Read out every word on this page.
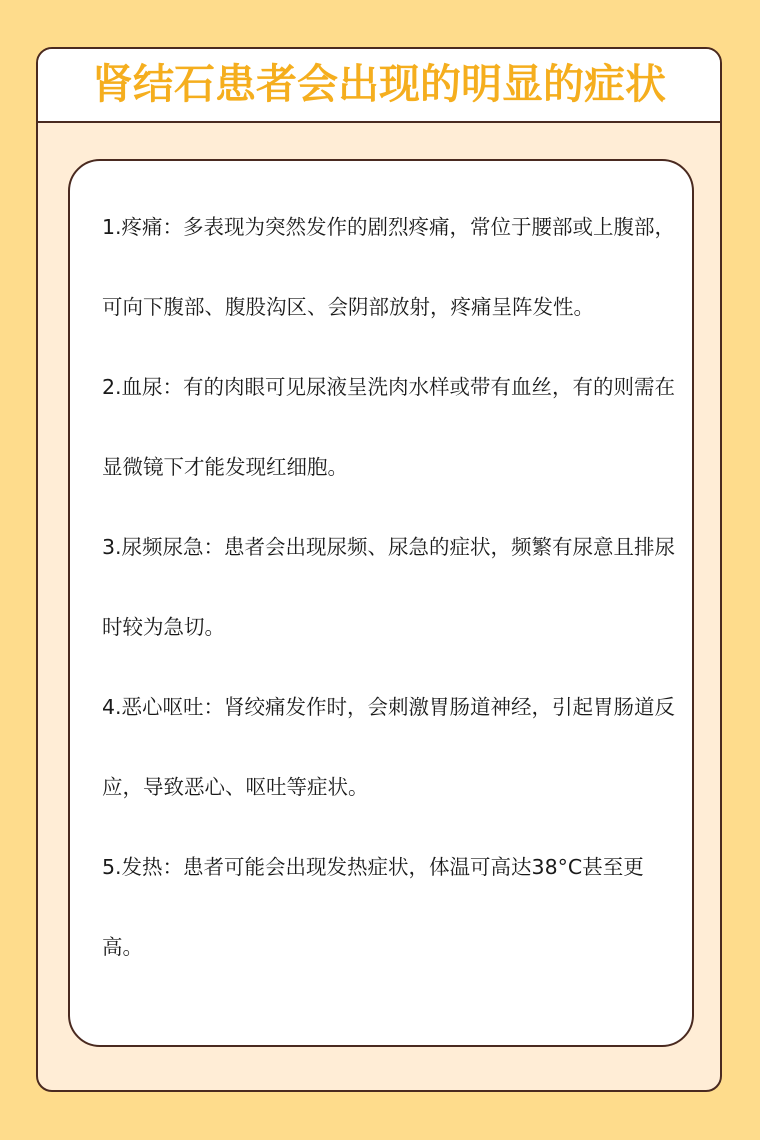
肾结石患者会出现的明显的症状

1.疼痛：多表现为突然发作的剧烈疼痛，常位于腰部或上腹部，可向下腹部、腹股沟区、会阴部放射，疼痛呈阵发性。

2.血尿：有的肉眼可见尿液呈洗肉水样或带有血丝，有的则需在显微镜下才能发现红细胞。

3.尿频尿急：患者会出现尿频、尿急的症状，频繁有尿意且排尿时较为急切。

4.恶心呕吐：肾绞痛发作时，会刺激胃肠道神经，引起胃肠道反应，导致恶心、呕吐等症状。

5.发热：患者可能会出现发热症状，体温可高达38°C甚至更高。
